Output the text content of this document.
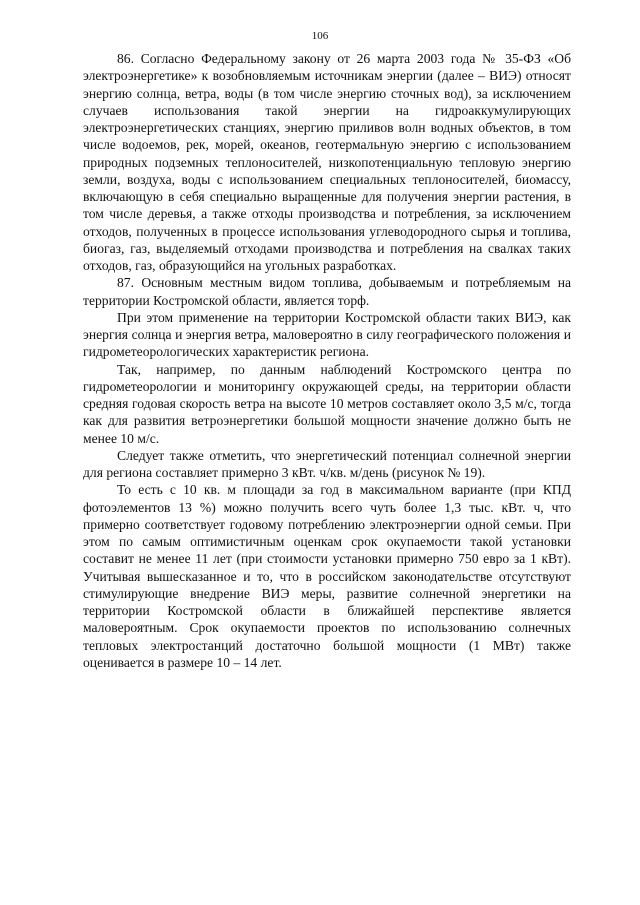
106

86. Согласно Федеральному закону от 26 марта 2003 года № 35-ФЗ «Об электроэнергетике» к возобновляемым источникам энергии (далее – ВИЭ) относят энергию солнца, ветра, воды (в том числе энергию сточных вод), за исключением случаев использования такой энергии на гидроаккумулирующих электроэнергетических станциях, энергию приливов волн водных объектов, в том числе водоемов, рек, морей, океанов, геотермальную энергию с использованием природных подземных теплоносителей, низкопотенциальную тепловую энергию земли, воздуха, воды с использованием специальных теплоносителей, биомассу, включающую в себя специально выращенные для получения энергии растения, в том числе деревья, а также отходы производства и потребления, за исключением отходов, полученных в процессе использования углеводородного сырья и топлива, биогаз, газ, выделяемый отходами производства и потребления на свалках таких отходов, газ, образующийся на угольных разработках.

87. Основным местным видом топлива, добываемым и потребляемым на территории Костромской области, является торф.

При этом применение на территории Костромской области таких ВИЭ, как энергия солнца и энергия ветра, маловероятно в силу географического положения и гидрометеорологических характеристик региона.

Так, например, по данным наблюдений Костромского центра по гидрометеорологии и мониторингу окружающей среды, на территории области средняя годовая скорость ветра на высоте 10 метров составляет около 3,5 м/с, тогда как для развития ветроэнергетики большой мощности значение должно быть не менее 10 м/с.

Следует также отметить, что энергетический потенциал солнечной энергии для региона составляет примерно 3 кВт. ч/кв. м/день (рисунок № 19).

То есть с 10 кв. м площади за год в максимальном варианте (при КПД фотоэлементов 13 %) можно получить всего чуть более 1,3 тыс. кВт. ч, что примерно соответствует годовому потреблению электроэнергии одной семьи. При этом по самым оптимистичным оценкам срок окупаемости такой установки составит не менее 11 лет (при стоимости установки примерно 750 евро за 1 кВт). Учитывая вышесказанное и то, что в российском законодательстве отсутствуют стимулирующие внедрение ВИЭ меры, развитие солнечной энергетики на территории Костромской области в ближайшей перспективе является маловероятным. Срок окупаемости проектов по использованию солнечных тепловых электростанций достаточно большой мощности (1 МВт) также оценивается в размере 10 – 14 лет.
